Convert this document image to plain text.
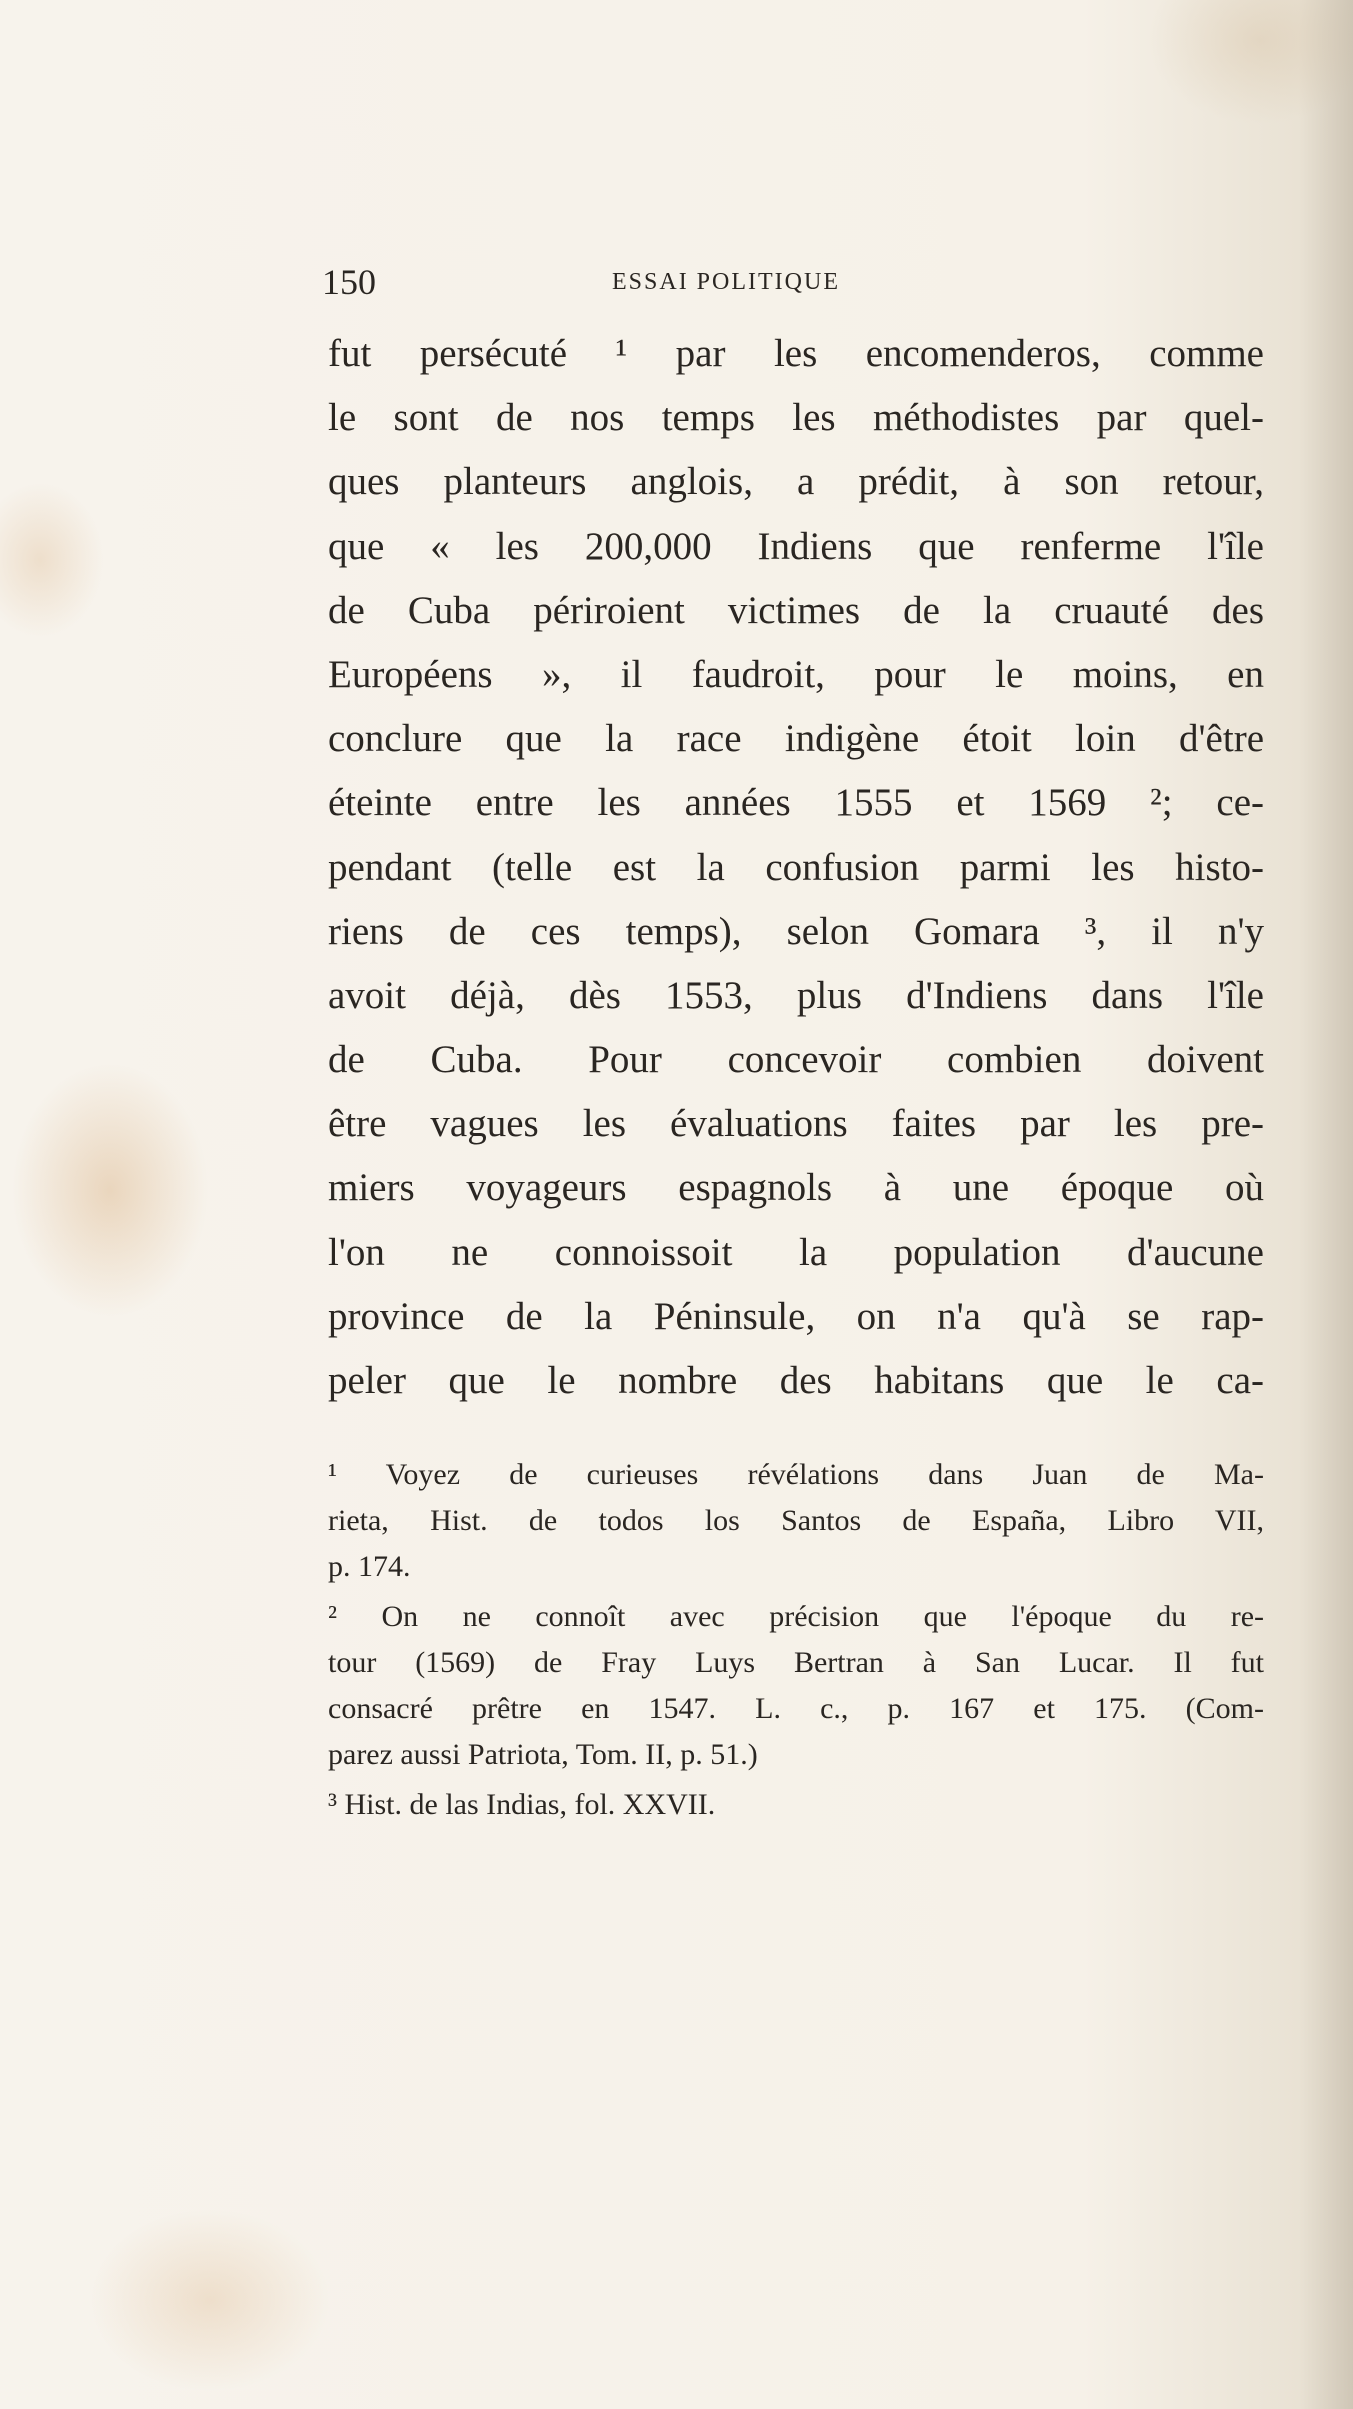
150	ESSAI POLITIQUE
fut persécuté ¹ par les encomenderos, comme
le sont de nos temps les méthodistes par quel-
ques planteurs anglois, a prédit, à son retour,
que « les 200,000 Indiens que renferme l'île
de Cuba périroient victimes de la cruauté des
Européens », il faudroit, pour le moins, en
conclure que la race indigène étoit loin d'être
éteinte entre les années 1555 et 1569 ²; ce-
pendant (telle est la confusion parmi les histo-
riens de ces temps), selon Gomara ³, il n'y
avoit déjà, dès 1553, plus d'Indiens dans l'île
de Cuba. Pour concevoir combien doivent
être vagues les évaluations faites par les pre-
miers voyageurs espagnols à une époque où
l'on ne connoissoit la population d'aucune
province de la Péninsule, on n'a qu'à se rap-
peler que le nombre des habitans que le ca-
¹ Voyez de curieuses révélations dans Juan de Ma-
rieta, Hist. de todos los Santos de España, Libro VII,
p. 174.
² On ne connoît avec précision que l'époque du re-
tour (1569) de Fray Luys Bertran à San Lucar. Il fut
consacré prêtre en 1547. L. c., p. 167 et 175. (Com-
parez aussi Patriota, Tom. II, p. 51.)
³ Hist. de las Indias, fol. XXVII.
